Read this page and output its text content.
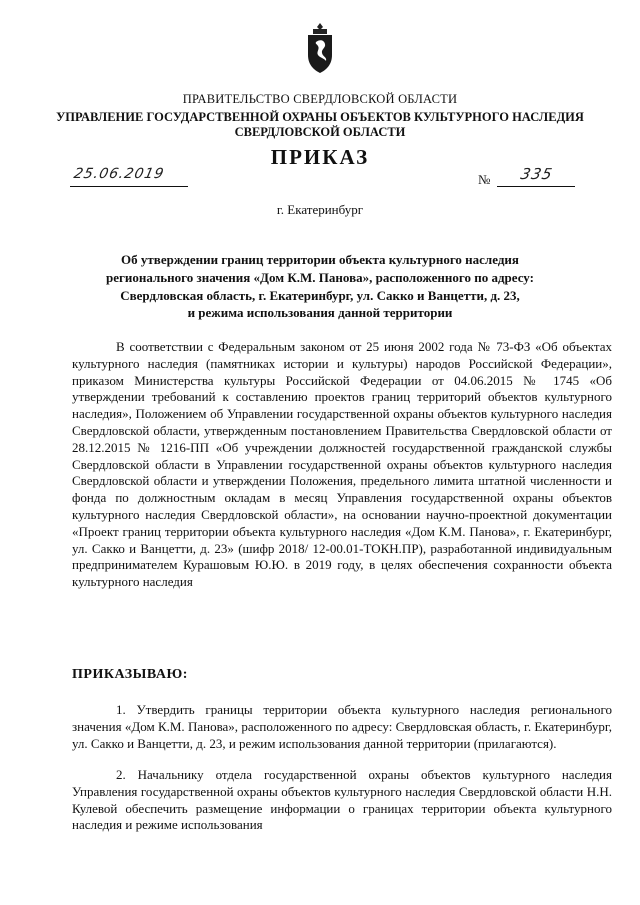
ПРАВИТЕЛЬСТВО СВЕРДЛОВСКОЙ ОБЛАСТИ
УПРАВЛЕНИЕ ГОСУДАРСТВЕННОЙ ОХРАНЫ ОБЪЕКТОВ КУЛЬТУРНОГО НАСЛЕДИЯ
СВЕРДЛОВСКОЙ ОБЛАСТИ
ПРИКАЗ
25.06.2019	№ 335
г. Екатеринбург
Об утверждении границ территории объекта культурного наследия
регионального значения «Дом К.М. Панова», расположенного по адресу:
Свердловская область, г. Екатеринбург, ул. Сакко и Ванцетти, д. 23,
и режима использования данной территории
В соответствии с Федеральным законом от 25 июня 2002 года № 73-ФЗ «Об объектах культурного наследия (памятниках истории и культуры) народов Российской Федерации», приказом Министерства культуры Российской Федерации от 04.06.2015 № 1745 «Об утверждении требований к составлению проектов границ территорий объектов культурного наследия», Положением об Управлении государственной охраны объектов культурного наследия Свердловской области, утвержденным постановлением Правительства Свердловской области от 28.12.2015 № 1216-ПП «Об учреждении должностей государственной гражданской службы Свердловской области в Управлении государственной охраны объектов культурного наследия Свердловской области и утверждении Положения, предельного лимита штатной численности и фонда по должностным окладам в месяц Управления государственной охраны объектов культурного наследия Свердловской области», на основании научно-проектной документации «Проект границ территории объекта культурного наследия «Дом К.М. Панова», г. Екатеринбург, ул. Сакко и Ванцетти, д. 23» (шифр 2018/ 12-00.01-ТОКН.ПР), разработанной индивидуальным предпринимателем Курашовым Ю.Ю. в 2019 году, в целях обеспечения сохранности объекта культурного наследия
ПРИКАЗЫВАЮ:
1. Утвердить границы территории объекта культурного наследия регионального значения «Дом К.М. Панова», расположенного по адресу: Свердловская область, г. Екатеринбург, ул. Сакко и Ванцетти, д. 23, и режим использования данной территории (прилагаются).
2. Начальнику отдела государственной охраны объектов культурного наследия Управления государственной охраны объектов культурного наследия Свердловской области Н.Н. Кулевой обеспечить размещение информации о границах территории объекта культурного наследия и режиме использования
